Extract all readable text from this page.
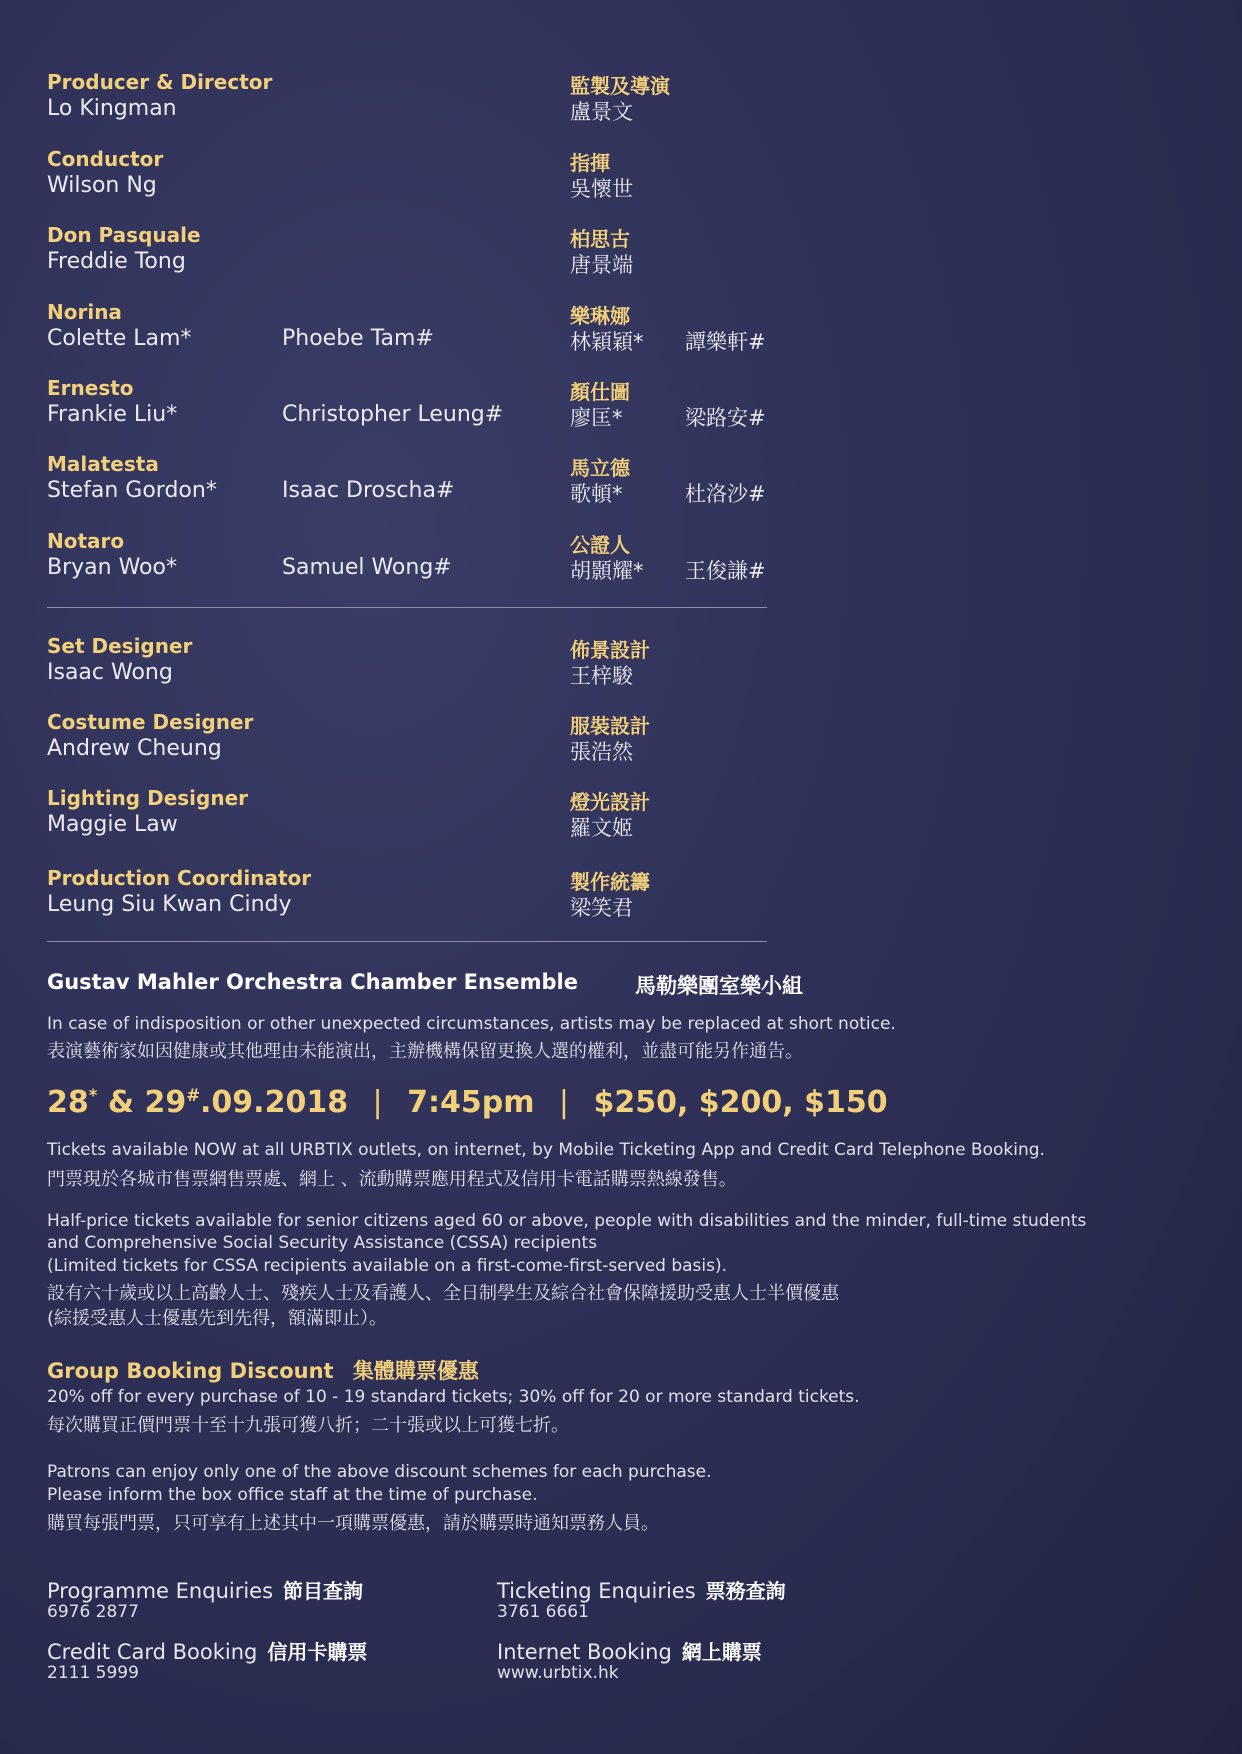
Producer & Director
Lo Kingman
監製及導演
盧景文
Conductor
Wilson Ng
指揮
吳懷世
Don Pasquale
Freddie Tong
柏思古
唐景端
Norina
Colette Lam*	Phoebe Tam#
樂琳娜
林穎穎* 譚樂軒#
Ernesto
Frankie Liu*	Christopher Leung#
顏仕圖
廖匡*	梁路安#
Malatesta
Stefan Gordon*	Isaac Droscha#
馬立德
歌頓*	杜洛沙#
Notaro
Bryan Woo*	Samuel Wong#
公證人
胡顥耀* 王俊謙#
Set Designer
Isaac Wong
佈景設計
王梓駿
Costume Designer
Andrew Cheung
服裝設計
張浩然
Lighting Designer
Maggie Law
燈光設計
羅文姬
Production Coordinator
Leung Siu Kwan Cindy
製作統籌
梁笑君
Gustav Mahler Orchestra Chamber Ensemble	馬勒樂團室樂小組
In case of indisposition or other unexpected circumstances, artists may be replaced at short notice.
表演藝術家如因健康或其他理由未能演出，主辦機構保留更換人選的權利，並盡可能另作通告。
28* & 29#.09.2018 | 7:45pm | $250, $200, $150
Tickets available NOW at all URBTIX outlets, on internet, by Mobile Ticketing App and Credit Card Telephone Booking.
門票現於各城市售票網售票處、網上 、流動購票應用程式及信用卡電話購票熱線發售。
Half-price tickets available for senior citizens aged 60 or above, people with disabilities and the minder, full-time students
and Comprehensive Social Security Assistance (CSSA) recipients
(Limited tickets for CSSA recipients available on a first-come-first-served basis).
設有六十歲或以上高齡人士、殘疾人士及看護人、全日制學生及綜合社會保障援助受惠人士半價優惠
(綜援受惠人士優惠先到先得，額滿即止）。
Group Booking Discount 集體購票優惠
20% off for every purchase of 10 - 19 standard tickets; 30% off for 20 or more standard tickets.
每次購買正價門票十至十九張可獲八折；二十張或以上可獲七折。
Patrons can enjoy only one of the above discount schemes for each purchase.
Please inform the box office staff at the time of purchase.
購買每張門票，只可享有上述其中一項購票優惠，請於購票時通知票務人員。
Programme Enquiries 節目查詢
6976 2877
Ticketing Enquiries 票務查詢
3761 6661
Credit Card Booking 信用卡購票
2111 5999
Internet Booking 網上購票
www.urbtix.hk
